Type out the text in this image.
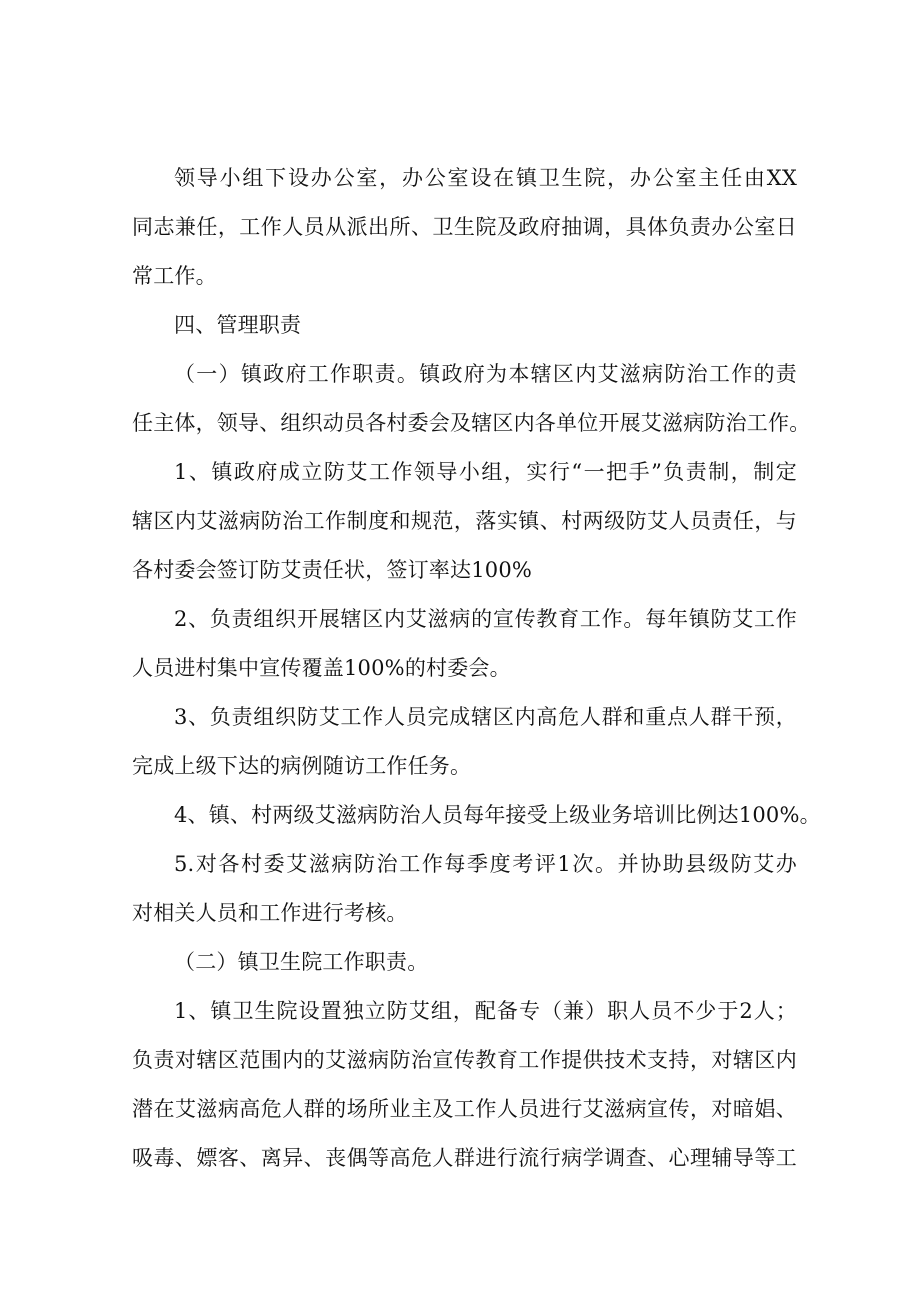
领导小组下设办公室，办公室设在镇卫生院，办公室主任由XX
同志兼任，工作人员从派出所、卫生院及政府抽调，具体负责办公室日
常工作。
四、管理职责
（一）镇政府工作职责。镇政府为本辖区内艾滋病防治工作的责
任主体，领导、组织动员各村委会及辖区内各单位开展艾滋病防治工作。
1、镇政府成立防艾工作领导小组，实行“一把手”负责制，制定
辖区内艾滋病防治工作制度和规范，落实镇、村两级防艾人员责任，与
各村委会签订防艾责任状，签订率达100%
2、负责组织开展辖区内艾滋病的宣传教育工作。每年镇防艾工作
人员进村集中宣传覆盖100%的村委会。
3、负责组织防艾工作人员完成辖区内高危人群和重点人群干预，
完成上级下达的病例随访工作任务。
4、镇、村两级艾滋病防治人员每年接受上级业务培训比例达100%。
5.对各村委艾滋病防治工作每季度考评1次。并协助县级防艾办
对相关人员和工作进行考核。
（二）镇卫生院工作职责。
1、镇卫生院设置独立防艾组，配备专（兼）职人员不少于2人；
负责对辖区范围内的艾滋病防治宣传教育工作提供技术支持，对辖区内
潜在艾滋病高危人群的场所业主及工作人员进行艾滋病宣传，对暗娼、
吸毒、嫖客、离异、丧偶等高危人群进行流行病学调查、心理辅导等工
